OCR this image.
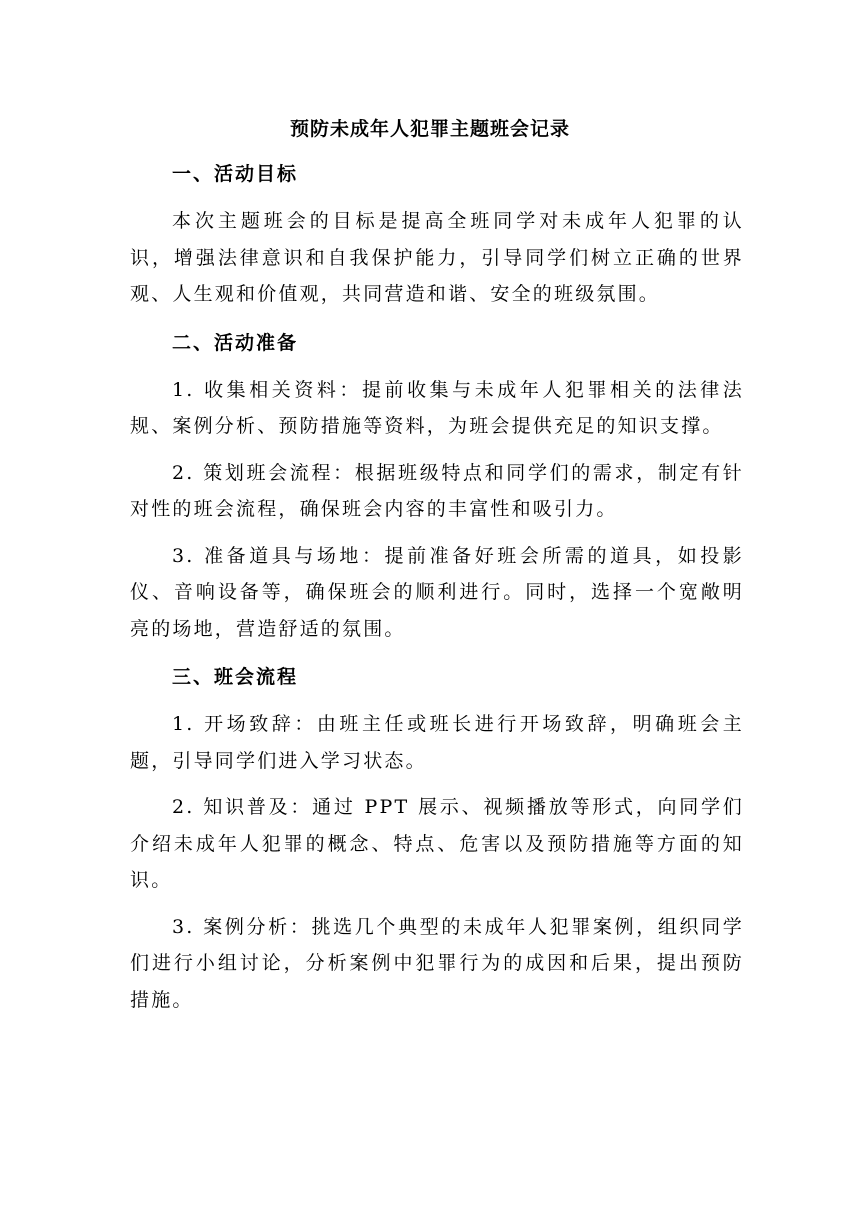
预防未成年人犯罪主题班会记录
一、活动目标

本次主题班会的目标是提高全班同学对未成年人犯罪的认识，增强法律意识和自我保护能力，引导同学们树立正确的世界观、人生观和价值观，共同营造和谐、安全的班级氛围。

二、活动准备

1. 收集相关资料：提前收集与未成年人犯罪相关的法律法规、案例分析、预防措施等资料，为班会提供充足的知识支撑。

2. 策划班会流程：根据班级特点和同学们的需求，制定有针对性的班会流程，确保班会内容的丰富性和吸引力。

3. 准备道具与场地：提前准备好班会所需的道具，如投影仪、音响设备等，确保班会的顺利进行。同时，选择一个宽敞明亮的场地，营造舒适的氛围。

三、班会流程

1. 开场致辞：由班主任或班长进行开场致辞，明确班会主题，引导同学们进入学习状态。

2. 知识普及：通过 PPT 展示、视频播放等形式，向同学们介绍未成年人犯罪的概念、特点、危害以及预防措施等方面的知识。

3. 案例分析：挑选几个典型的未成年人犯罪案例，组织同学们进行小组讨论，分析案例中犯罪行为的成因和后果，提出预防措施。
